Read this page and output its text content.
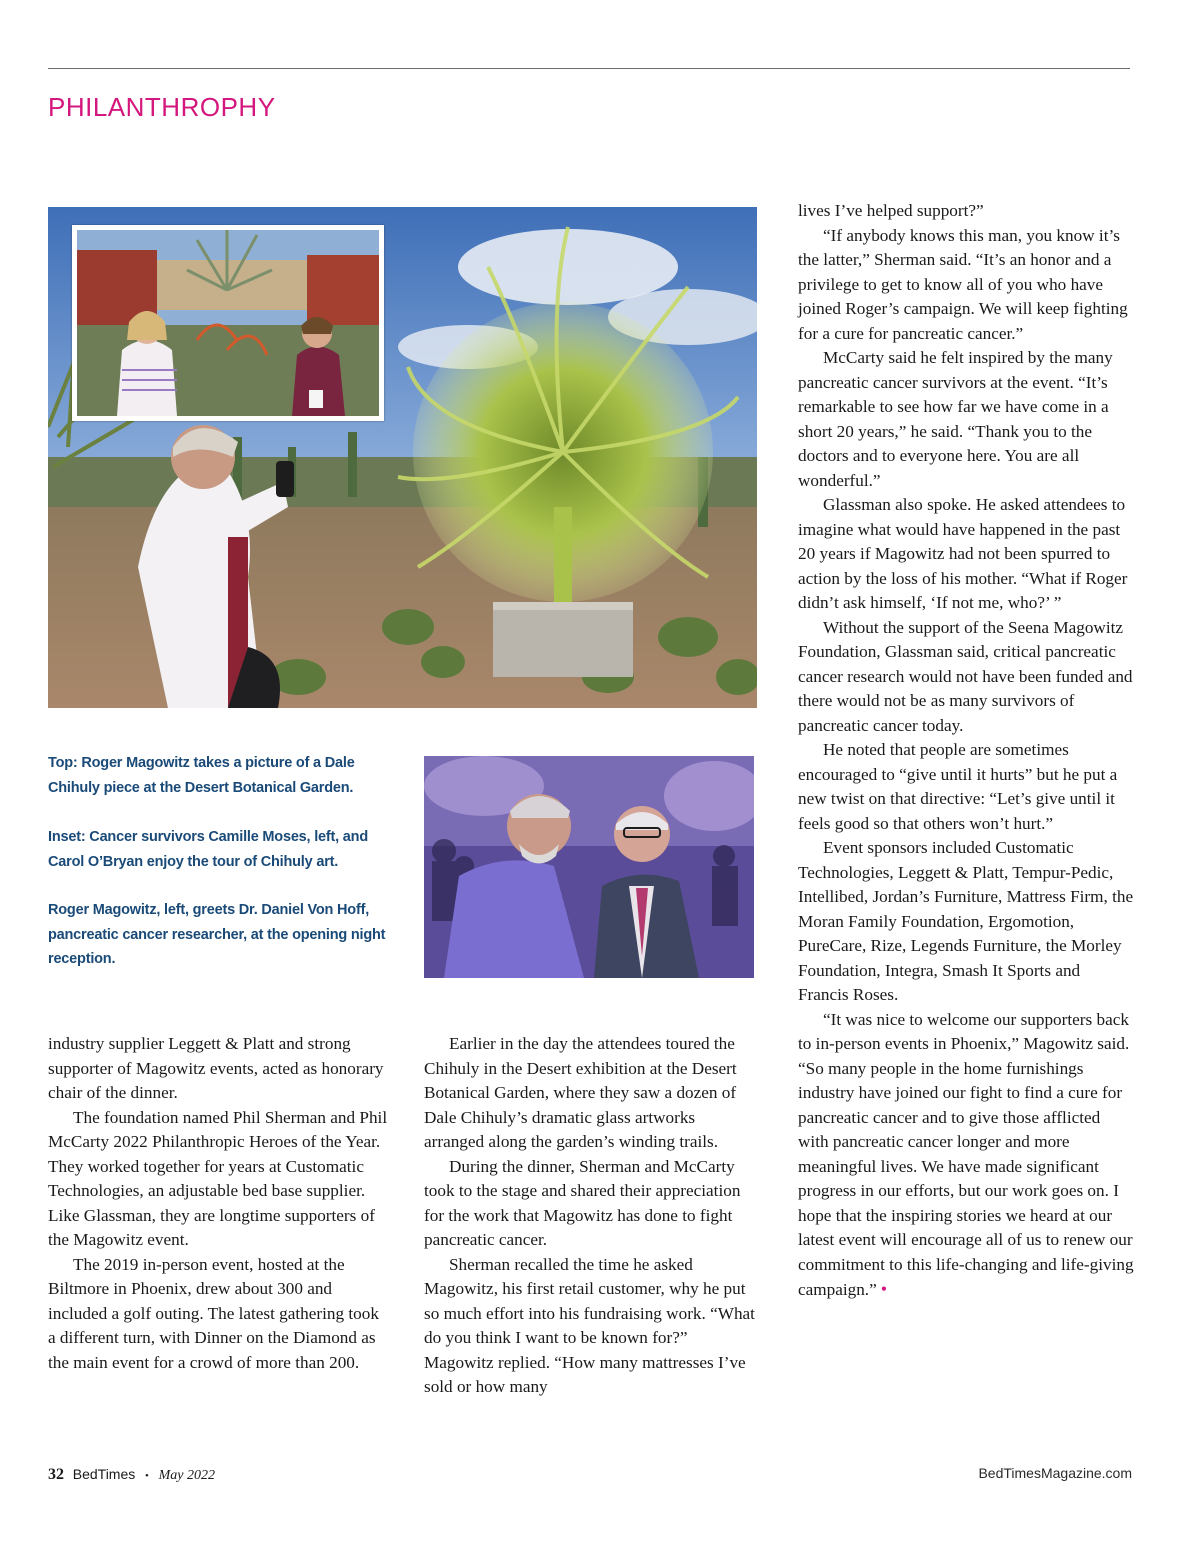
PHILANTHROPHY

Top: Roger Magowitz takes a picture of a Dale Chihuly piece at the Desert Botanical Garden.

Inset: Cancer survivors Camille Moses, left, and Carol O’Bryan enjoy the tour of Chihuly art.

Roger Magowitz, left, greets Dr. Daniel Von Hoff, pancreatic cancer researcher, at the opening night reception.

industry supplier Leggett & Platt and strong supporter of Magowitz events, acted as honorary chair of the dinner.

The foundation named Phil Sherman and Phil McCarty 2022 Philanthropic Heroes of the Year. They worked together for years at Customatic Technologies, an adjustable bed base supplier. Like Glassman, they are longtime supporters of the Magowitz event.

The 2019 in-person event, hosted at the Biltmore in Phoenix, drew about 300 and included a golf outing. The latest gathering took a different turn, with Dinner on the Diamond as the main event for a crowd of more than 200.

Earlier in the day the attendees toured the Chihuly in the Desert exhibition at the Desert Botanical Garden, where they saw a dozen of Dale Chihuly’s dramatic glass artworks arranged along the garden’s winding trails.

During the dinner, Sherman and McCarty took to the stage and shared their appreciation for the work that Magowitz has done to fight pancreatic cancer.

Sherman recalled the time he asked Magowitz, his first retail customer, why he put so much effort into his fundraising work. “What do you think I want to be known for?” Magowitz replied. “How many mattresses I’ve sold or how many

lives I’ve helped support?”

“If anybody knows this man, you know it’s the latter,” Sherman said. “It’s an honor and a privilege to get to know all of you who have joined Roger’s campaign. We will keep fighting for a cure for pancreatic cancer.”

McCarty said he felt inspired by the many pancreatic cancer survivors at the event. “It’s remarkable to see how far we have come in a short 20 years,” he said. “Thank you to the doctors and to everyone here. You are all wonderful.”

Glassman also spoke. He asked attendees to imagine what would have happened in the past 20 years if Magowitz had not been spurred to action by the loss of his mother. “What if Roger didn’t ask himself, ‘If not me, who?’ ”

Without the support of the Seena Magowitz Foundation, Glassman said, critical pancreatic cancer research would not have been funded and there would not be as many survivors of pancreatic cancer today.

He noted that people are sometimes encouraged to “give until it hurts” but he put a new twist on that directive: “Let’s give until it feels good so that others won’t hurt.”

Event sponsors included Customatic Technologies, Leggett & Platt, Tempur-Pedic, Intellibed, Jordan’s Furniture, Mattress Firm, the Moran Family Foundation, Ergomotion, PureCare, Rize, Legends Furniture, the Morley Foundation, Integra, Smash It Sports and Francis Roses.

“It was nice to welcome our supporters back to in-person events in Phoenix,” Magowitz said. “So many people in the home furnishings industry have joined our fight to find a cure for pancreatic cancer and to give those afflicted with pancreatic cancer longer and more meaningful lives. We have made significant progress in our efforts, but our work goes on. I hope that the inspiring stories we heard at our latest event will encourage all of us to renew our commitment to this life-changing and life-giving campaign.” •

32 BedTimes • May 2022	BedTimesMagazine.com
